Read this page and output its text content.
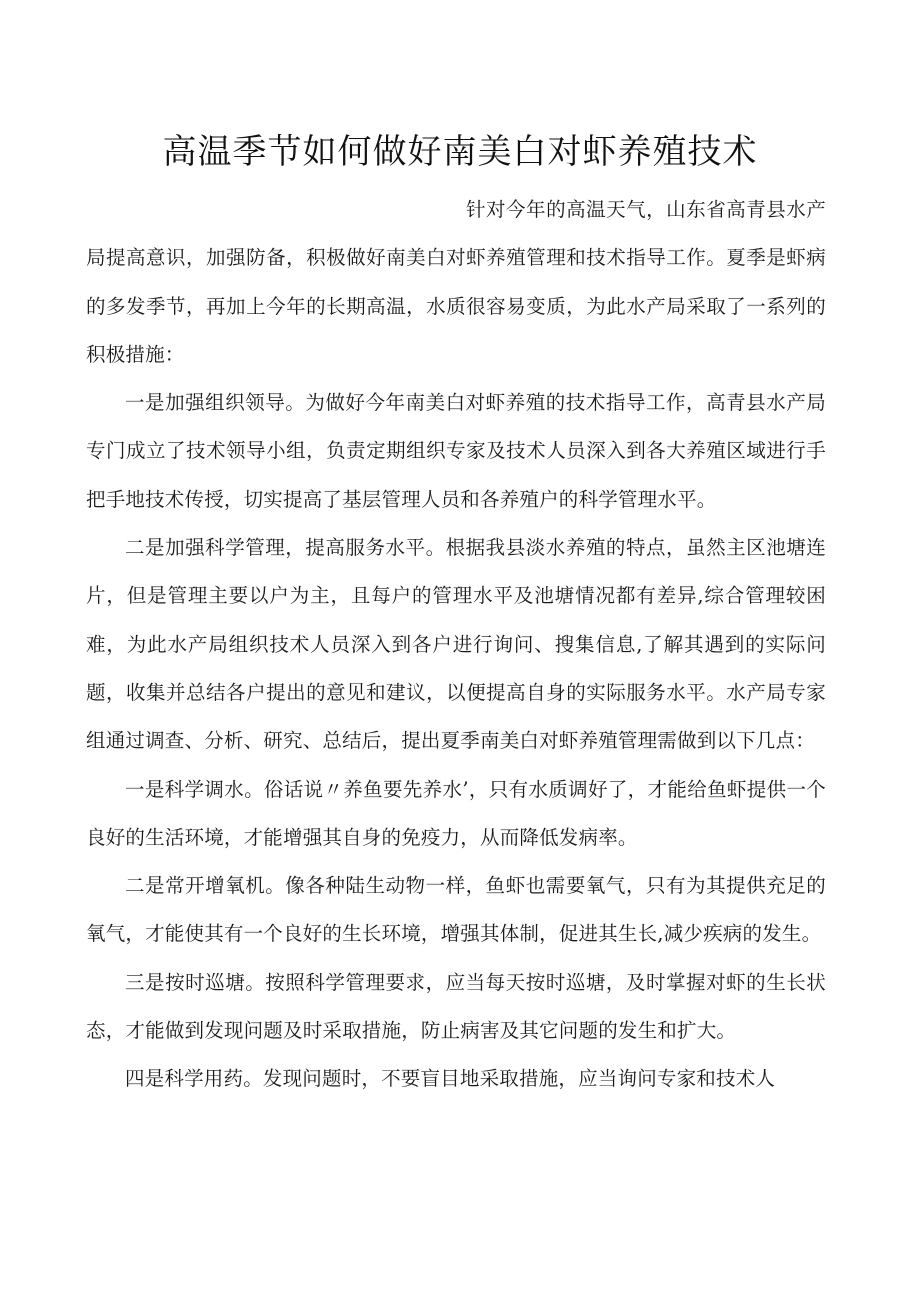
高温季节如何做好南美白对虾养殖技术

针对今年的高温天气，山东省高青县水产局提高意识，加强防备，积极做好南美白对虾养殖管理和技术指导工作。夏季是虾病的多发季节，再加上今年的长期高温，水质很容易变质，为此水产局采取了一系列的积极措施：

一是加强组织领导。为做好今年南美白对虾养殖的技术指导工作，高青县水产局专门成立了技术领导小组，负责定期组织专家及技术人员深入到各大养殖区域进行手把手地技术传授，切实提高了基层管理人员和各养殖户的科学管理水平。

二是加强科学管理，提高服务水平。根据我县淡水养殖的特点，虽然主区池塘连片，但是管理主要以户为主，且每户的管理水平及池塘情况都有差异,综合管理较困难，为此水产局组织技术人员深入到各户进行询问、搜集信息,了解其遇到的实际问题，收集并总结各户提出的意见和建议，以便提高自身的实际服务水平。水产局专家组通过调查、分析、研究、总结后，提出夏季南美白对虾养殖管理需做到以下几点：

一是科学调水。俗话说〃养鱼要先养水’，只有水质调好了，才能给鱼虾提供一个良好的生活环境，才能增强其自身的免疫力，从而降低发病率。

二是常开增氧机。像各种陆生动物一样，鱼虾也需要氧气，只有为其提供充足的氧气，才能使其有一个良好的生长环境，增强其体制，促进其生长,减少疾病的发生。

三是按时巡塘。按照科学管理要求，应当每天按时巡塘，及时掌握对虾的生长状态，才能做到发现问题及时采取措施，防止病害及其它问题的发生和扩大。

四是科学用药。发现问题时，不要盲目地采取措施，应当询问专家和技术人
